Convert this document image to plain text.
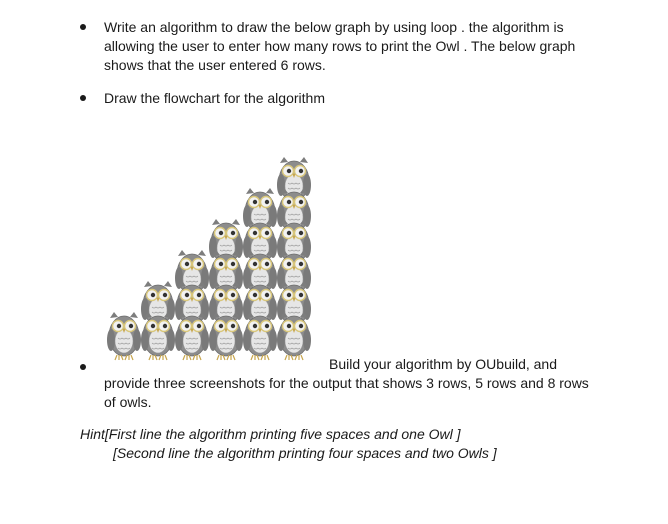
Write an algorithm to draw the below graph by using loop . the algorithm is allowing the user to enter how many rows to print the Owl . The below graph shows that the user entered 6 rows.
Draw the flowchart for the algorithm
Build your algorithm by OUbuild, and
provide three screenshots for the output that shows 3 rows, 5 rows and 8 rows of owls.
Hint[First line the algorithm printing five spaces and one Owl ]
[Second line the algorithm printing four spaces and two Owls ]
